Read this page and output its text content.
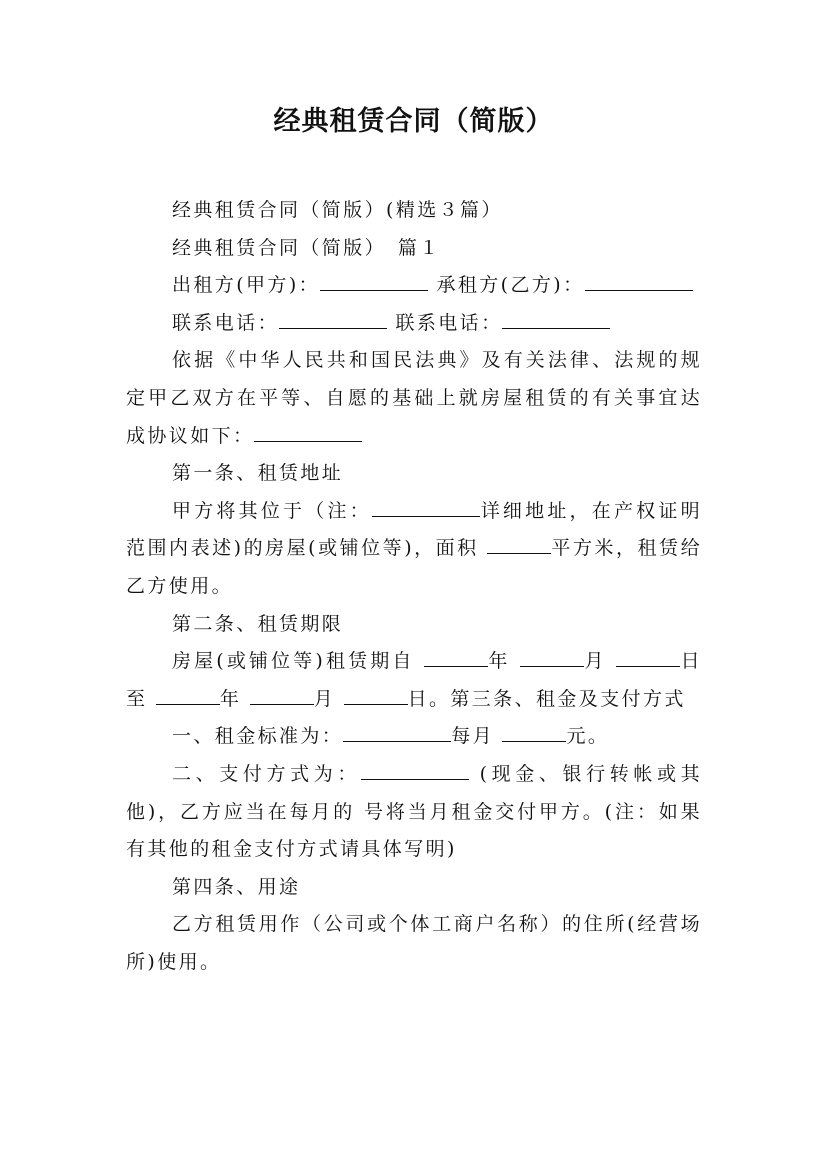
经典租赁合同（简版）

经典租赁合同（简版）(精选３篇）

经典租赁合同（简版）　篇１

出租方(甲方)：	承租方(乙方)：

联系电话：	联系电话：

依据《中华人民共和国民法典》及有关法律、法规的规定甲乙双方在平等、自愿的基础上就房屋租赁的有关事宜达成协议如下：

第一条、租赁地址

甲方将其位于（注：	详细地址，在产权证明范围内表述)的房屋(或铺位等)，面积	平方米，租赁给乙方使用。

第二条、租赁期限

房屋(或铺位等)租赁期自	年	月	日至	年	月	日。第三条、租金及支付方式

一、租金标准为：	每月	元。

二、支付方式为：	(现金、银行转帐或其他)，乙方应当在每月的 号将当月租金交付甲方。(注：如果有其他的租金支付方式请具体写明)

第四条、用途

乙方租赁用作（公司或个体工商户名称）的住所(经营场所)使用。
